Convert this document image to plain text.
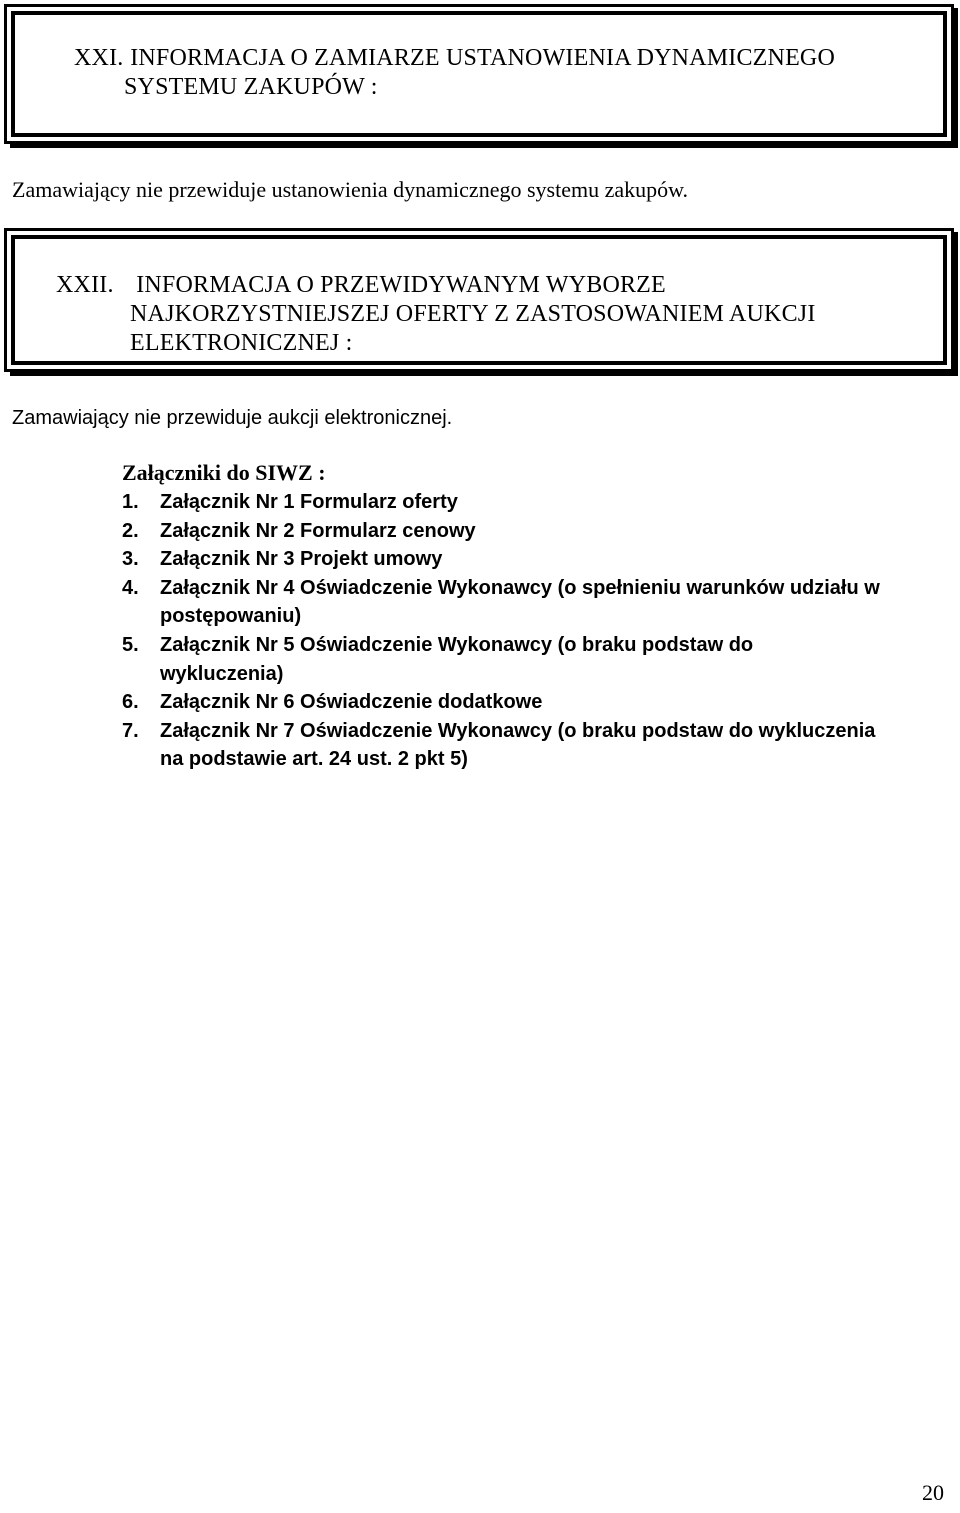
XXI. INFORMACJA O ZAMIARZE USTANOWIENIA DYNAMICZNEGO
SYSTEMU ZAKUPÓW :
Zamawiający nie przewiduje ustanowienia dynamicznego systemu zakupów.
XXII. INFORMACJA O PRZEWIDYWANYM WYBORZE
NAJKORZYSTNIEJSZEJ OFERTY Z ZASTOSOWANIEM AUKCJI
ELEKTRONICZNEJ :
Zamawiający nie przewiduje aukcji elektronicznej.
Załączniki do SIWZ :
1. Załącznik Nr 1 Formularz oferty
2. Załącznik Nr 2 Formularz cenowy
3. Załącznik Nr 3 Projekt umowy
4. Załącznik Nr 4 Oświadczenie Wykonawcy (o spełnieniu warunków udziału w postępowaniu)
5. Załącznik Nr 5 Oświadczenie Wykonawcy (o braku podstaw do wykluczenia)
6. Załącznik Nr 6 Oświadczenie dodatkowe
7. Załącznik Nr 7 Oświadczenie Wykonawcy (o braku podstaw do wykluczenia na podstawie art. 24 ust. 2 pkt 5)
20
